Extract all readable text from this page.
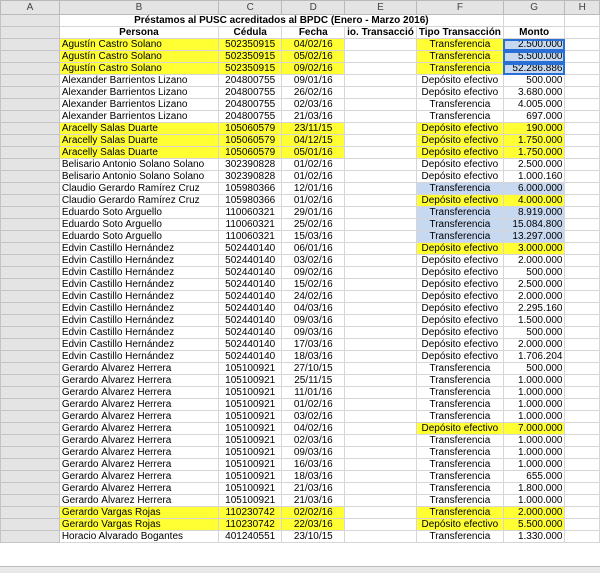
A	B	C	D	E	F	G	H
	Préstamos al PUSC acreditados al BPDC (Enero - Marzo 2016)						
	Persona	Cédula	Fecha	io. Transacció	Tipo Transacción	Monto	
	Agustín Castro Solano	502350915	04/02/16		Transferencia	2.500.000	
	Agustín Castro Solano	502350915	05/02/16		Transferencia	5.500.000	
	Agustín Castro Solano	502350915	09/02/16		Transferencia	52.286.886	
	Alexander Barrientos Lizano	204800755	09/01/16		Depósito efectivo	500.000	
	Alexander Barrientos Lizano	204800755	26/02/16		Depósito efectivo	3.680.000	
	Alexander Barrientos Lizano	204800755	02/03/16		Transferencia	4.005.000	
	Alexander Barrientos Lizano	204800755	21/03/16		Transferencia	697.000	
	Aracelly Salas Duarte	105060579	23/11/15		Depósito efectivo	190.000	
	Aracelly Salas Duarte	105060579	04/12/15		Depósito efectivo	1.750.000	
	Aracelly Salas Duarte	105060579	05/01/16		Depósito efectivo	1.750.000	
	Belisario Antonio Solano Solano	302390828	01/02/16		Depósito efectivo	2.500.000	
	Belisario Antonio Solano Solano	302390828	01/02/16		Depósito efectivo	1.000.160	
	Claudio Gerardo Ramírez Cruz	105980366	12/01/16		Transferencia	6.000.000	
	Claudio Gerardo Ramírez Cruz	105980366	01/02/16		Depósito efectivo	4.000.000	
	Eduardo Soto Arguello	110060321	29/01/16		Transferencia	8.919.000	
	Eduardo Soto Arguello	110060321	25/02/16		Transferencia	15.084.800	
	Eduardo Soto Arguello	110060321	15/03/16		Transferencia	13.297.000	
	Edvin Castillo Hernández	502440140	06/01/16		Depósito efectivo	3.000.000	
	Edvin Castillo Hernández	502440140	03/02/16		Depósito efectivo	2.000.000	
	Edvin Castillo Hernández	502440140	09/02/16		Depósito efectivo	500.000	
	Edvin Castillo Hernández	502440140	15/02/16		Depósito efectivo	2.500.000	
	Edvin Castillo Hernández	502440140	24/02/16		Depósito efectivo	2.000.000	
	Edvin Castillo Hernández	502440140	04/03/16		Depósito efectivo	2.295.160	
	Edvin Castillo Hernández	502440140	09/03/16		Depósito efectivo	1.500.000	
	Edvin Castillo Hernández	502440140	09/03/16		Depósito efectivo	500.000	
	Edvin Castillo Hernández	502440140	17/03/16		Depósito efectivo	2.000.000	
	Edvin Castillo Hernández	502440140	18/03/16		Depósito efectivo	1.706.204	
	Gerardo Álvarez Herrera	105100921	27/10/15		Transferencia	500.000	
	Gerardo Álvarez Herrera	105100921	25/11/15		Transferencia	1.000.000	
	Gerardo Álvarez Herrera	105100921	11/01/16		Transferencia	1.000.000	
	Gerardo Álvarez Herrera	105100921	01/02/16		Transferencia	1.000.000	
	Gerardo Álvarez Herrera	105100921	03/02/16		Transferencia	1.000.000	
	Gerardo Álvarez Herrera	105100921	04/02/16		Depósito efectivo	7.000.000	
	Gerardo Álvarez Herrera	105100921	02/03/16		Transferencia	1.000.000	
	Gerardo Álvarez Herrera	105100921	09/03/16		Transferencia	1.000.000	
	Gerardo Álvarez Herrera	105100921	16/03/16		Transferencia	1.000.000	
	Gerardo Álvarez Herrera	105100921	18/03/16		Transferencia	655.000	
	Gerardo Álvarez Herrera	105100921	21/03/16		Transferencia	1.800.000	
	Gerardo Álvarez Herrera	105100921	21/03/16		Transferencia	1.000.000	
	Gerardo Vargas Rojas	110230742	02/02/16		Transferencia	2.000.000	
	Gerardo Vargas Rojas	110230742	22/03/16		Depósito efectivo	5.500.000	
	Horacio Alvarado Bogantes	401240551	23/10/15		Transferencia	1.330.000	
